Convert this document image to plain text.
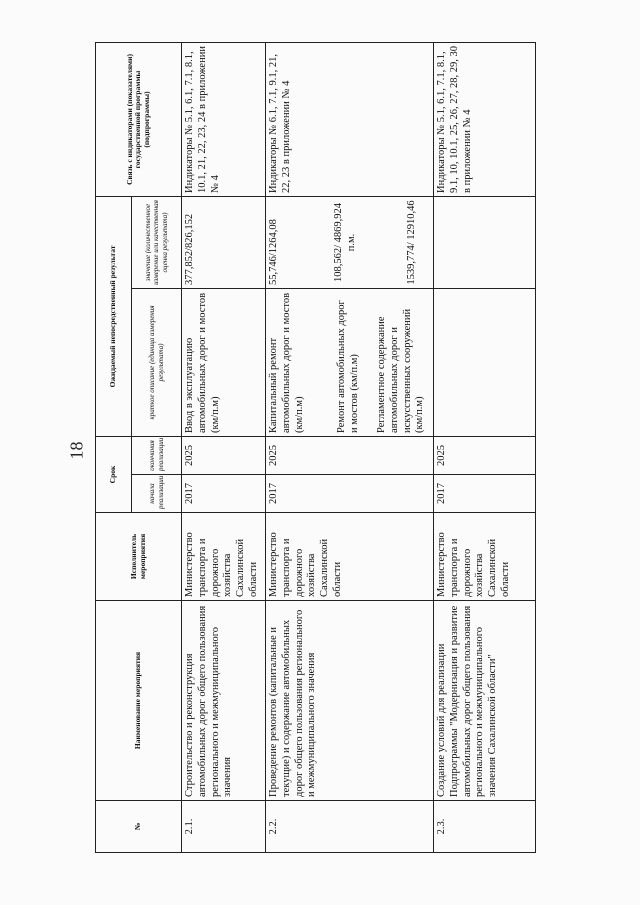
18
№	Наименование мероприятия	Исполнитель мероприятия	Срок		Ожидаемый непосредственный результат		Связь с индикаторами (показателями) государственной программы (подпрограммы)
			начала реализации	окончания реализации	краткое описание (единица измерения результата)	значение (количественное измерение или качественная оценка результата)	
2.1.	Строительство и реконструкция автомобильных дорог общего пользования регионального и межмуниципального значения	Министерство транспорта и дорожного хозяйства Сахалинской области	2017	2025	Ввод в эксплуатацию автомобильных дорог и мостов (км/п.м)	377,852/826,152	Индикаторы № 5.1, 6.1, 7.1, 8.1, 10.1, 21, 22, 23, 24 в приложении № 4
2.2.	Проведение ремонтов (капитальные и текущие) и содержание автомобильных дорог общего пользования регионального и межмуниципального значения	Министерство транспорта и дорожного хозяйства Сахалинской области	2017	2025	Капитальный ремонт автомобильных дорог и мостов (км/п.м) Ремонт автомобильных дорог и мостов (км/п.м) Регламентное содержание автомобильных дорог и искусственных сооружений (км/п.м)	55,746/1264,08 108,562/ 4869,924 п.м. 1539,774/ 12910,46	Индикаторы № 6.1, 7.1, 9.1, 21, 22, 23 в приложении № 4
2.3.	Создание условий для реализации Подпрограммы "Модернизация и развитие автомобильных дорог общего пользования регионального и межмуниципального значения Сахалинской области"	Министерство транспорта и дорожного хозяйства Сахалинской области	2017	2025			Индикаторы № 5.1, 6.1, 7.1, 8.1, 9.1, 10, 10.1, 25, 26, 27, 28, 29, 30 в приложении № 4
